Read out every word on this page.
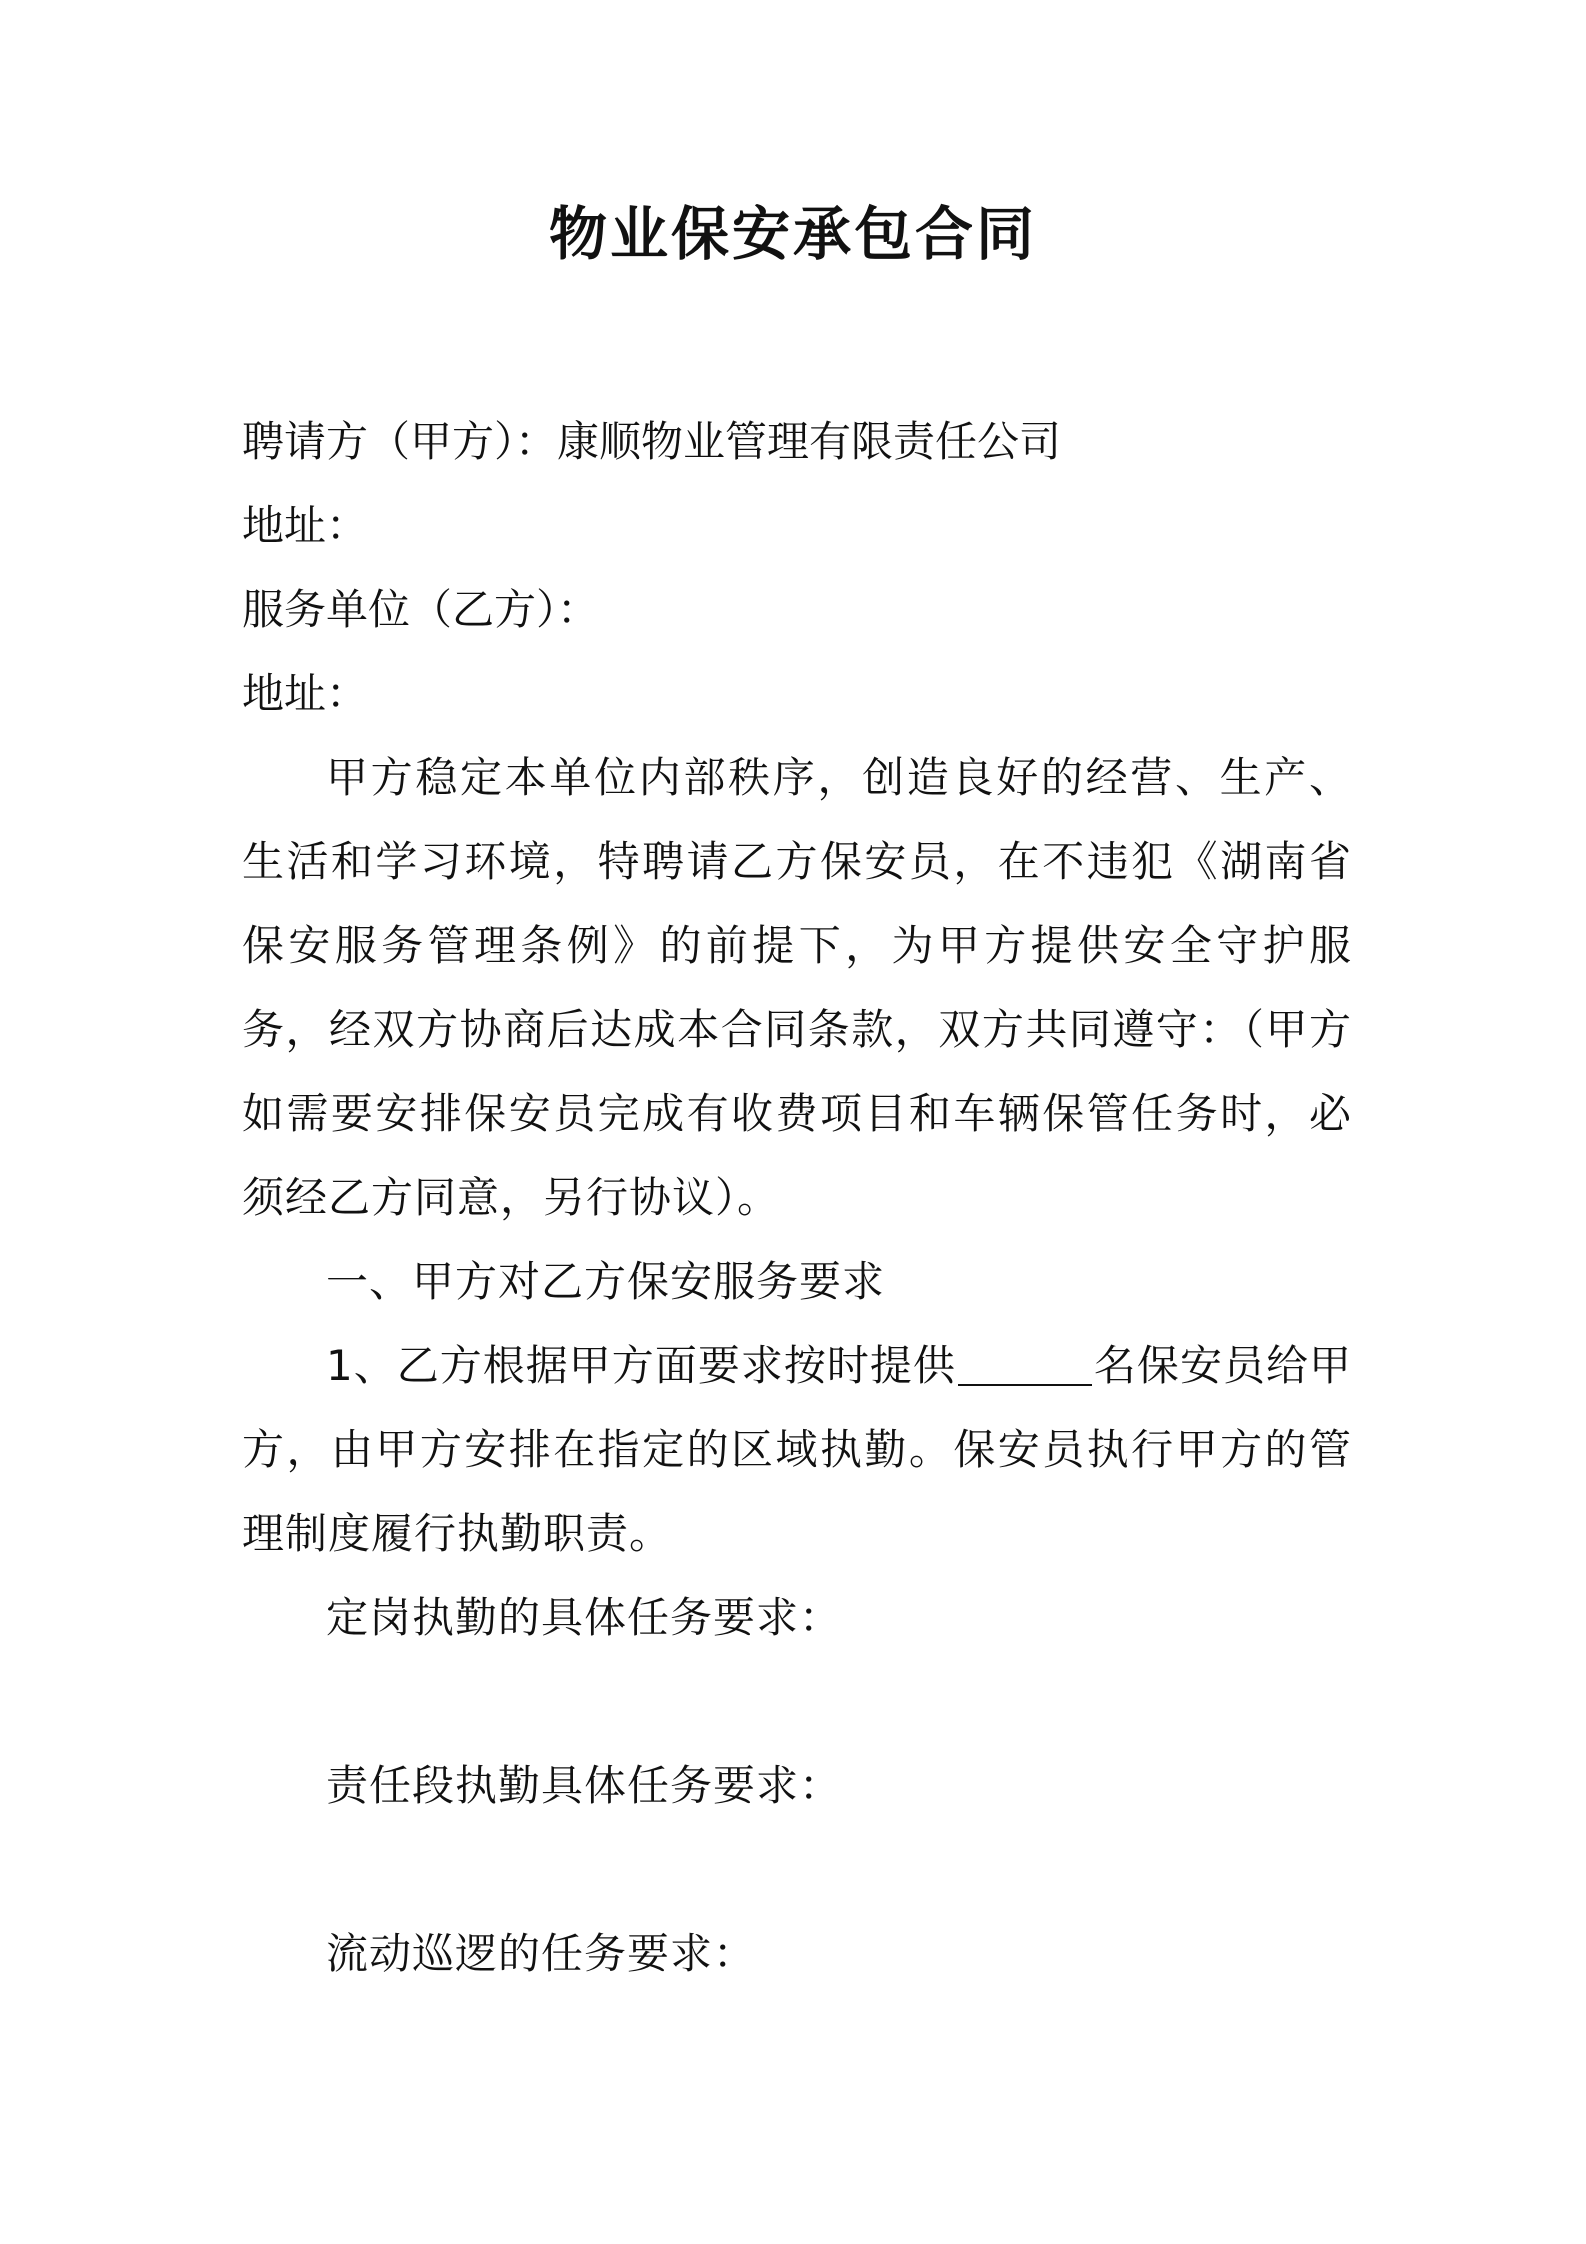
物业保安承包合同

聘请方（甲方）：康顺物业管理有限责任公司

地址：

服务单位（乙方）：

地址：

甲方稳定本单位内部秩序，创造良好的经营、生产、生活和学习环境，特聘请乙方保安员，在不违犯《湖南省保安服务管理条例》的前提下，为甲方提供安全守护服务，经双方协商后达成本合同条款，双方共同遵守：（甲方如需要安排保安员完成有收费项目和车辆保管任务时，必须经乙方同意，另行协议）。

一、甲方对乙方保安服务要求

1、乙方根据甲方面要求按时提供	名保安员给甲方，由甲方安排在指定的区域执勤。保安员执行甲方的管理制度履行执勤职责。

定岗执勤的具体任务要求：

责任段执勤具体任务要求：

流动巡逻的任务要求：
